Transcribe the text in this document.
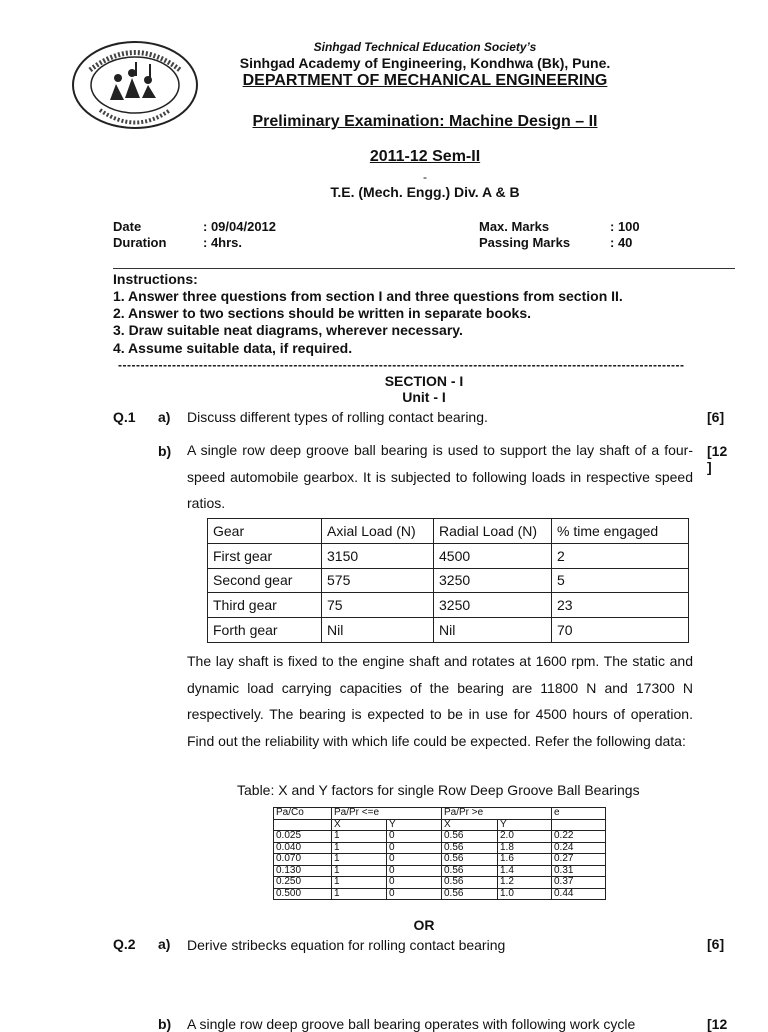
Sinhgad Technical Education Society’s
Sinhgad Academy of Engineering, Kondhwa (Bk), Pune.
DEPARTMENT OF MECHANICAL ENGINEERING
Preliminary Examination: Machine Design – II
2011-12 Sem-II
-
T.E. (Mech. Engg.) Div. A & B
Date	: 09/04/2012
Duration	: 4hrs.
Max. Marks	: 100
Passing Marks	: 40
Instructions:
1. Answer three questions from section I and three questions from section II.
2. Answer to two sections should be written in separate books.
3. Draw suitable neat diagrams, wherever necessary.
4. Assume suitable data, if required.
------------------------------------------------------------------------------------------------------------------------------
SECTION - I
Unit - I
Q.1 a) Discuss different types of rolling contact bearing.	[6]
b) A single row deep groove ball bearing is used to support the lay shaft of a four-speed automobile gearbox. It is subjected to following loads in respective speed ratios.
[12
]
Gear	Axial Load (N)	Radial Load (N)	% time engaged
First gear	3150	4500	2
Second gear	575	3250	5
Third gear	75	3250	23
Forth gear	Nil	Nil	70
The lay shaft is fixed to the engine shaft and rotates at 1600 rpm. The static and dynamic load carrying capacities of the bearing are 11800 N and 17300 N respectively. The bearing is expected to be in use for 4500 hours of operation. Find out the reliability with which life could be expected. Refer the following data:
Table: X and Y factors for single Row Deep Groove Ball Bearings
Pa/Co	Pa/Pr <=e		Pa/Pr >e		e
	X	Y	X	Y	
0.025	1	0	0.56	2.0	0.22
0.040	1	0	0.56	1.8	0.24
0.070	1	0	0.56	1.6	0.27
0.130	1	0	0.56	1.4	0.31
0.250	1	0	0.56	1.2	0.37
0.500	1	0	0.56	1.0	0.44
OR
Q.2 a) Derive stribecks equation for rolling contact bearing	[6]
b) A single row deep groove ball bearing operates with following work cycle	[12
